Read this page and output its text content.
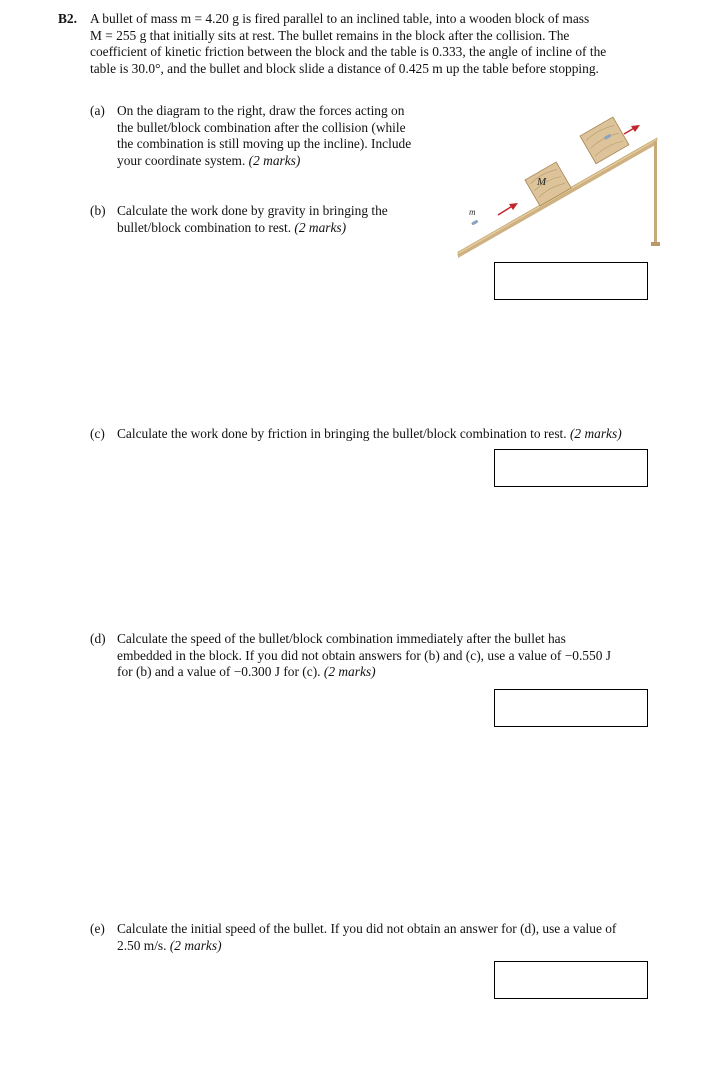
B2. A bullet of mass m = 4.20 g is fired parallel to an inclined table, into a wooden block of mass
M = 255 g that initially sits at rest. The bullet remains in the block after the collision. The
coefficient of kinetic friction between the block and the table is 0.333, the angle of incline of the
table is 30.0°, and the bullet and block slide a distance of 0.425 m up the table before stopping.
(a) On the diagram to the right, draw the forces acting on
the bullet/block combination after the collision (while
the combination is still moving up the incline). Include
your coordinate system. (2 marks)
M
m
(b) Calculate the work done by gravity in bringing the
bullet/block combination to rest. (2 marks)
(c) Calculate the work done by friction in bringing the bullet/block combination to rest. (2 marks)
(d) Calculate the speed of the bullet/block combination immediately after the bullet has
embedded in the block. If you did not obtain answers for (b) and (c), use a value of −0.550 J
for (b) and a value of −0.300 J for (c). (2 marks)
(e) Calculate the initial speed of the bullet. If you did not obtain an answer for (d), use a value of
2.50 m/s. (2 marks)
